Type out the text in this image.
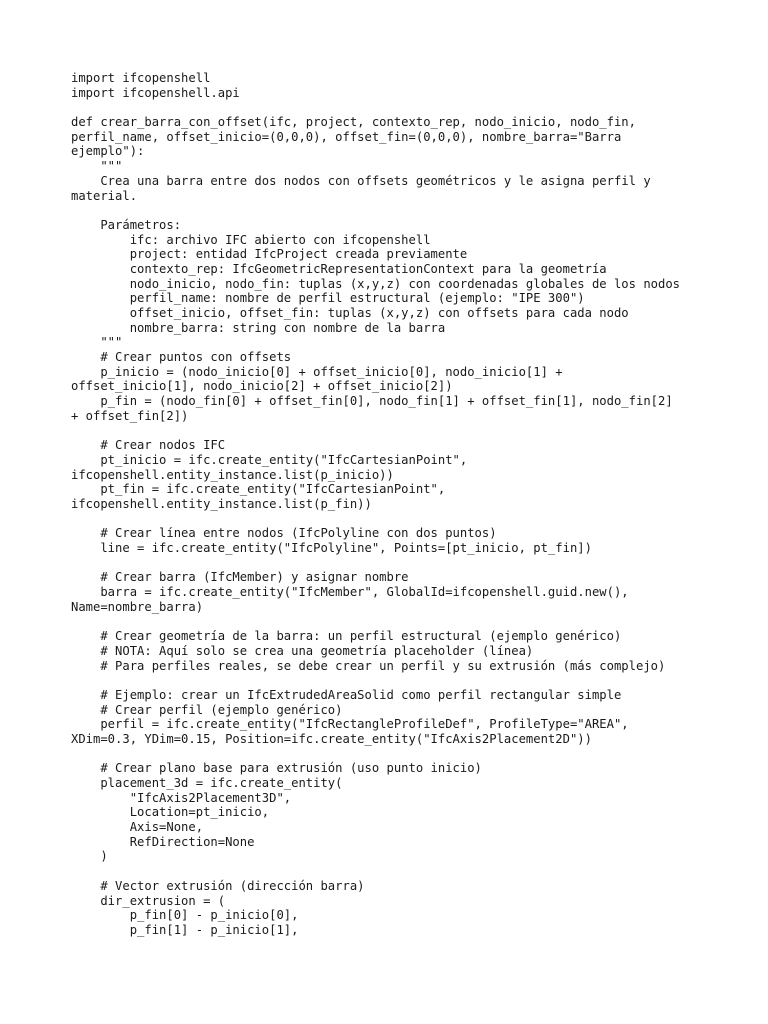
import ifcopenshell
import ifcopenshell.api
def crear_barra_con_offset(ifc, project, contexto_rep, nodo_inicio, nodo_fin,
perfil_name, offset_inicio=(0,0,0), offset_fin=(0,0,0), nombre_barra="Barra
ejemplo"):
"""
Crea una barra entre dos nodos con offsets geométricos y le asigna perfil y
material.
Parámetros:
ifc: archivo IFC abierto con ifcopenshell
project: entidad IfcProject creada previamente
contexto_rep: IfcGeometricRepresentationContext para la geometría
nodo_inicio, nodo_fin: tuplas (x,y,z) con coordenadas globales de los nodos
perfil_name: nombre de perfil estructural (ejemplo: "IPE 300")
offset_inicio, offset_fin: tuplas (x,y,z) con offsets para cada nodo
nombre_barra: string con nombre de la barra
"""
# Crear puntos con offsets
p_inicio = (nodo_inicio[0] + offset_inicio[0], nodo_inicio[1] +
offset_inicio[1], nodo_inicio[2] + offset_inicio[2])
p_fin = (nodo_fin[0] + offset_fin[0], nodo_fin[1] + offset_fin[1], nodo_fin[2]
+ offset_fin[2])
# Crear nodos IFC
pt_inicio = ifc.create_entity("IfcCartesianPoint",
ifcopenshell.entity_instance.list(p_inicio))
pt_fin = ifc.create_entity("IfcCartesianPoint",
ifcopenshell.entity_instance.list(p_fin))
# Crear línea entre nodos (IfcPolyline con dos puntos)
line = ifc.create_entity("IfcPolyline", Points=[pt_inicio, pt_fin])
# Crear barra (IfcMember) y asignar nombre
barra = ifc.create_entity("IfcMember", GlobalId=ifcopenshell.guid.new(),
Name=nombre_barra)
# Crear geometría de la barra: un perfil estructural (ejemplo genérico)
# NOTA: Aquí solo se crea una geometría placeholder (línea)
# Para perfiles reales, se debe crear un perfil y su extrusión (más complejo)
# Ejemplo: crear un IfcExtrudedAreaSolid como perfil rectangular simple
# Crear perfil (ejemplo genérico)
perfil = ifc.create_entity("IfcRectangleProfileDef", ProfileType="AREA",
XDim=0.3, YDim=0.15, Position=ifc.create_entity("IfcAxis2Placement2D"))
# Crear plano base para extrusión (uso punto inicio)
placement_3d = ifc.create_entity(
"IfcAxis2Placement3D",
Location=pt_inicio,
Axis=None,
RefDirection=None
)
# Vector extrusión (dirección barra)
dir_extrusion = (
p_fin[0] - p_inicio[0],
p_fin[1] - p_inicio[1],
